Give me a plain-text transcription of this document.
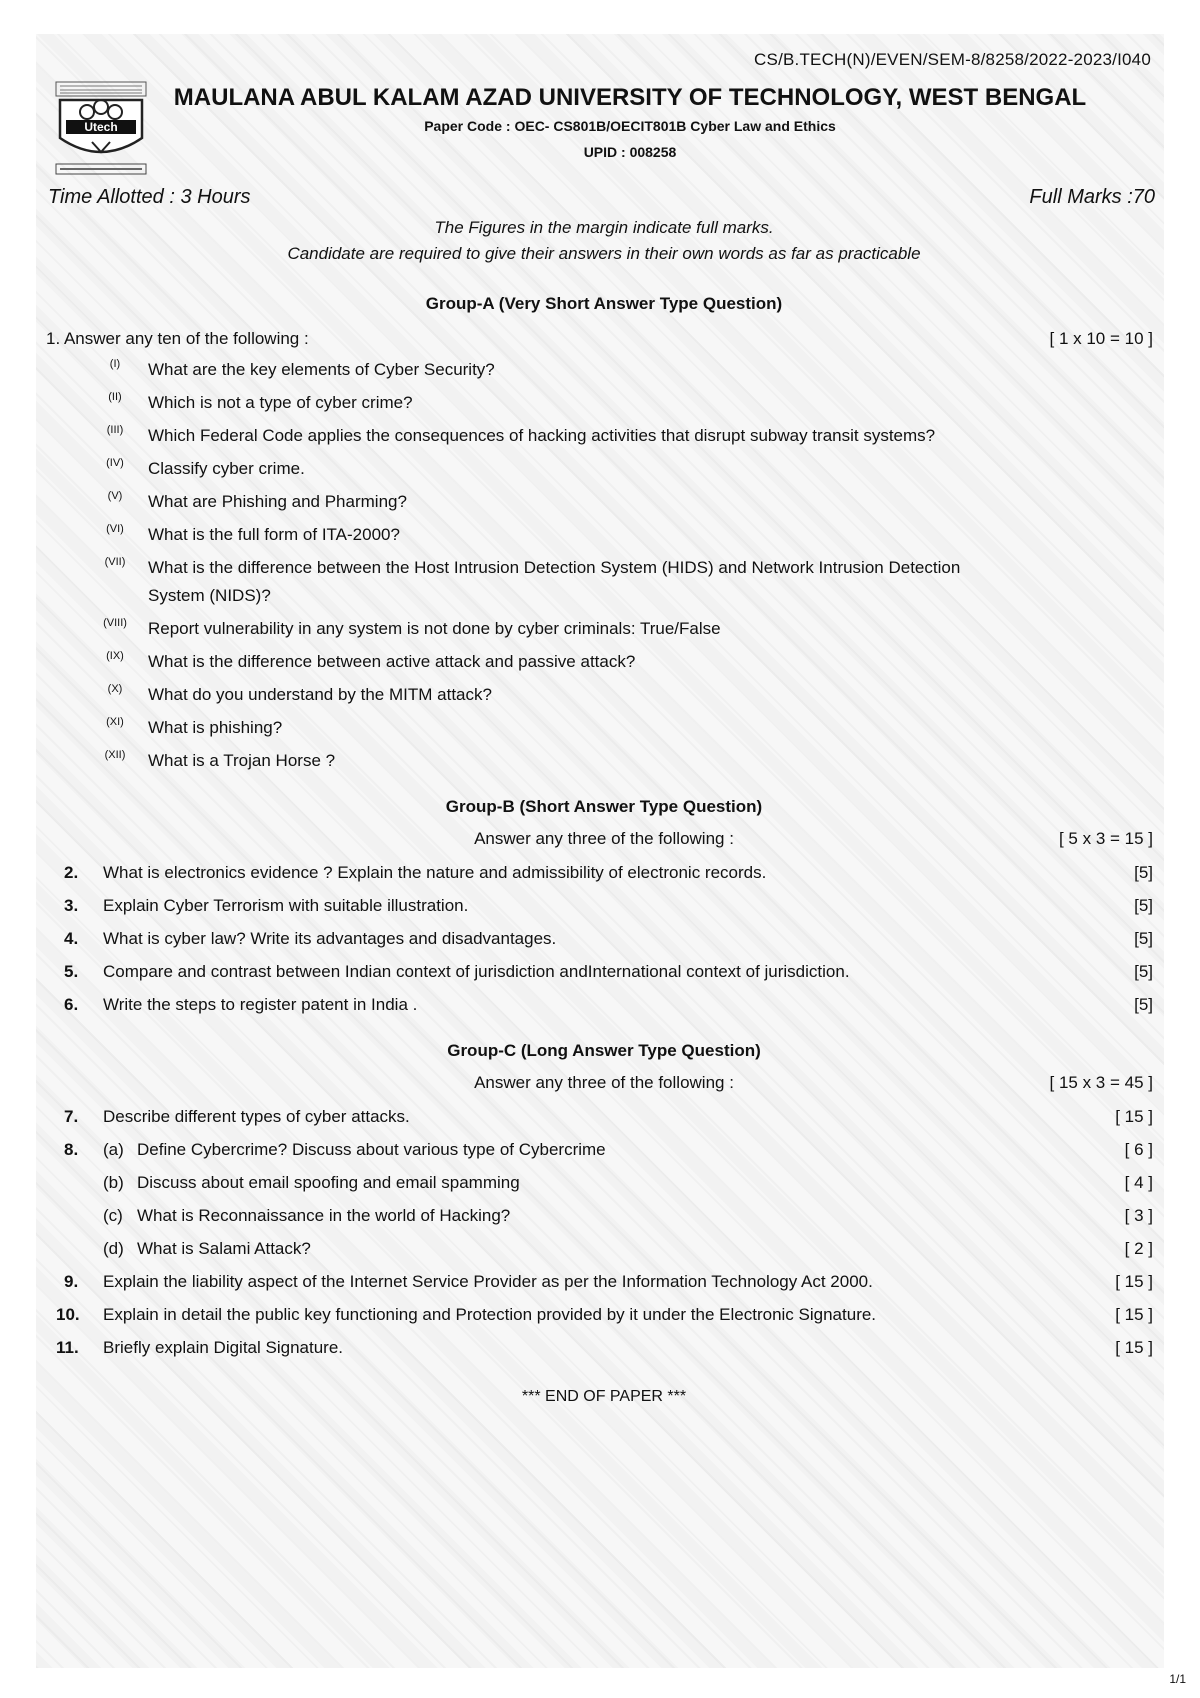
CS/B.TECH(N)/EVEN/SEM-8/8258/2022-2023/I040
Utech
MAULANA ABUL KALAM AZAD UNIVERSITY OF TECHNOLOGY, WEST BENGAL
Paper Code : OEC- CS801B/OECIT801B Cyber Law and Ethics
UPID : 008258
Time Allotted : 3 Hours	Full Marks :70
The Figures in the margin indicate full marks.
Candidate are required to give their answers in their own words as far as practicable
Group-A (Very Short Answer Type Question)
1. Answer any ten of the following :	[ 1 x 10 = 10 ]
(I)	What are the key elements of Cyber Security?
(II)	Which is not a type of cyber crime?
(III)	Which Federal Code applies the consequences of hacking activities that disrupt subway transit systems?
(IV)	Classify cyber crime.
(V)	What are Phishing and Pharming?
(VI)	What is the full form of ITA-2000?
(VII) What is the difference between the Host Intrusion Detection System (HIDS) and Network Intrusion Detection
System (NIDS)?
(VIII) Report vulnerability in any system is not done by cyber criminals: True/False
(IX)	What is the difference between active attack and passive attack?
(X)	What do you understand by the MITM attack?
(XI)	What is phishing?
(XII) What is a Trojan Horse ?
Group-B (Short Answer Type Question)
Answer any three of the following :	[ 5 x 3 = 15 ]
2. What is electronics evidence ? Explain the nature and admissibility of electronic records.	[5]
3. Explain Cyber Terrorism with suitable illustration.	[5]
4. What is cyber law? Write its advantages and disadvantages.	[5]
5. Compare and contrast between Indian context of jurisdiction andInternational context of jurisdiction.	[5]
6. Write the steps to register patent in India .	[5]
Group-C (Long Answer Type Question)
Answer any three of the following :	[ 15 x 3 = 45 ]
7. Describe different types of cyber attacks.	[ 15 ]
8. (a) Define Cybercrime? Discuss about various type of Cybercrime	[ 6 ]
(b) Discuss about email spoofing and email spamming	[ 4 ]
(c) What is Reconnaissance in the world of Hacking?	[ 3 ]
(d) What is Salami Attack?	[ 2 ]
9. Explain the liability aspect of the Internet Service Provider as per the Information Technology Act 2000.	[ 15 ]
10. Explain in detail the public key functioning and Protection provided by it under the Electronic Signature.	[ 15 ]
11. Briefly explain Digital Signature.	[ 15 ]
*** END OF PAPER ***
1/1
